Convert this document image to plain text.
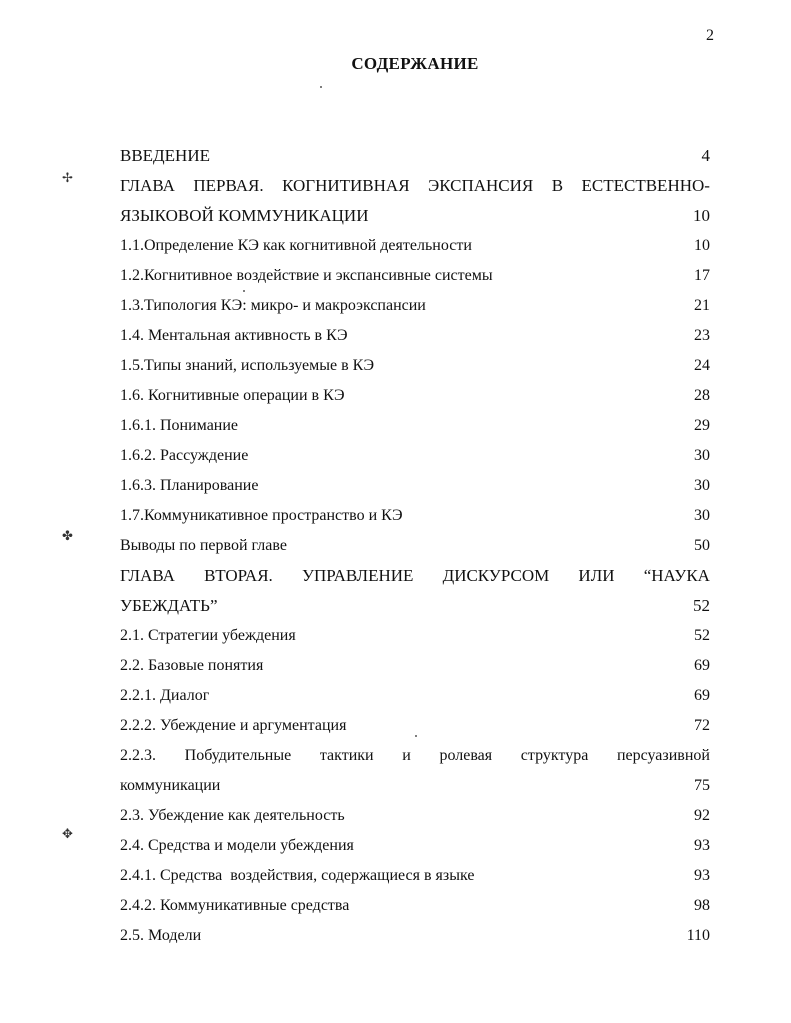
2
СОДЕРЖАНИЕ
✢
✤
✥
ВВЕДЕНИЕ	4
ГЛАВА ПЕРВАЯ. КОГНИТИВНАЯ ЭКСПАНСИЯ В ЕСТЕСТВЕННО-
ЯЗЫКОВОЙ КОММУНИКАЦИИ	10
1.1.Определение КЭ как когнитивной деятельности	10
1.2.Когнитивное воздействие и экспансивные системы	17
1.3.Типология КЭ: микро- и макроэкспансии	21
1.4. Ментальная активность в КЭ	23
1.5.Типы знаний, используемые в КЭ	24
1.6. Когнитивные операции в КЭ	28
1.6.1. Понимание	29
1.6.2. Рассуждение	30
1.6.3. Планирование	30
1.7.Коммуникативное пространство и КЭ	30
Выводы по первой главе	50
ГЛАВА ВТОРАЯ. УПРАВЛЕНИЕ ДИСКУРСОМ ИЛИ “НАУКА
УБЕЖДАТЬ”	52
2.1. Стратегии убеждения	52
2.2. Базовые понятия	69
2.2.1. Диалог	69
2.2.2. Убеждение и аргументация	72
2.2.3. Побудительные тактики и ролевая структура персуазивной
коммуникации	75
2.3. Убеждение как деятельность	92
2.4. Средства и модели убеждения	93
2.4.1. Средства  воздействия, содержащиеся в языке	93
2.4.2. Коммуникативные средства	98
2.5. Модели	110
